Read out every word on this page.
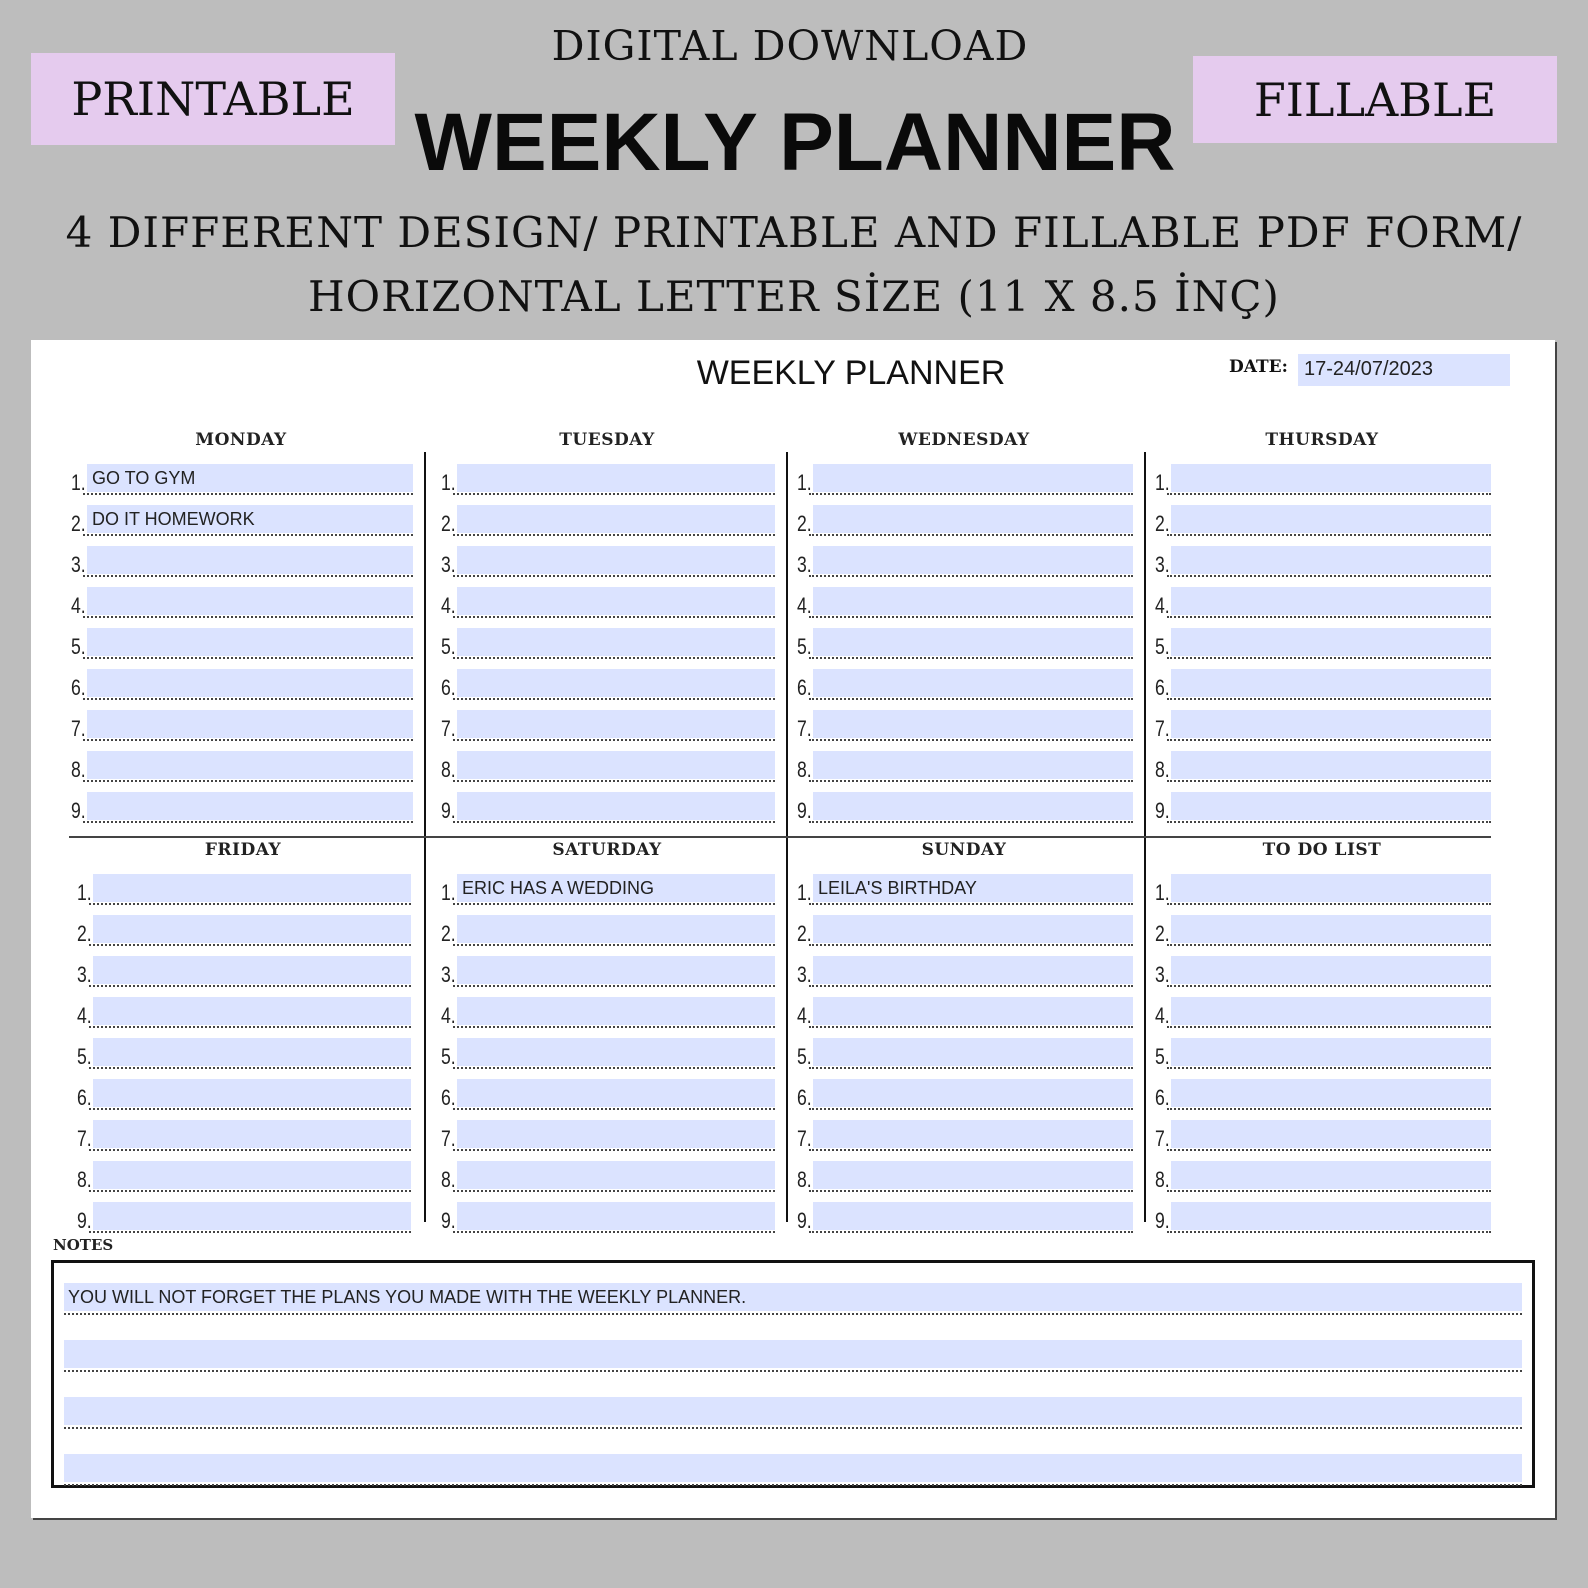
PRINTABLE
DIGITAL DOWNLOAD
WEEKLY PLANNER	FILLABLE
4 DIFFERENT DESIGN/ PRINTABLE AND FILLABLE PDF FORM/
HORIZONTAL LETTER SİZE (11 X 8.5 İNÇ)
WEEKLY PLANNER	DATE: 17-24/07/2023
MONDAY
GO TO GYM
1.
DO IT HOMEWORK
2.
3.
4.
5.
6.
7.
8.
9.
TUESDAY
1.
2.
3.
4.
5.
6.
7.
8.
9.
WEDNESDAY
1.
2.
3.
4.
5.
6.
7.
8.
9.
THURSDAY
1.
2.
3.
4.
5.
6.
7.
8.
9.
FRIDAY
1.
2.
3.
4.
5.
6.
7.
8.
9.
SATURDAY
ERIC HAS A WEDDING
1.
2.
3.
4.
5.
6.
7.
8.
9.
SUNDAY
LEILA'S BIRTHDAY
1.
2.
3.
4.
5.
6.
7.
8.
9.
TO DO LIST
1.
2.
3.
4.
5.
6.
7.
8.
9.
NOTES
YOU WILL NOT FORGET THE PLANS YOU MADE WITH THE WEEKLY PLANNER.
